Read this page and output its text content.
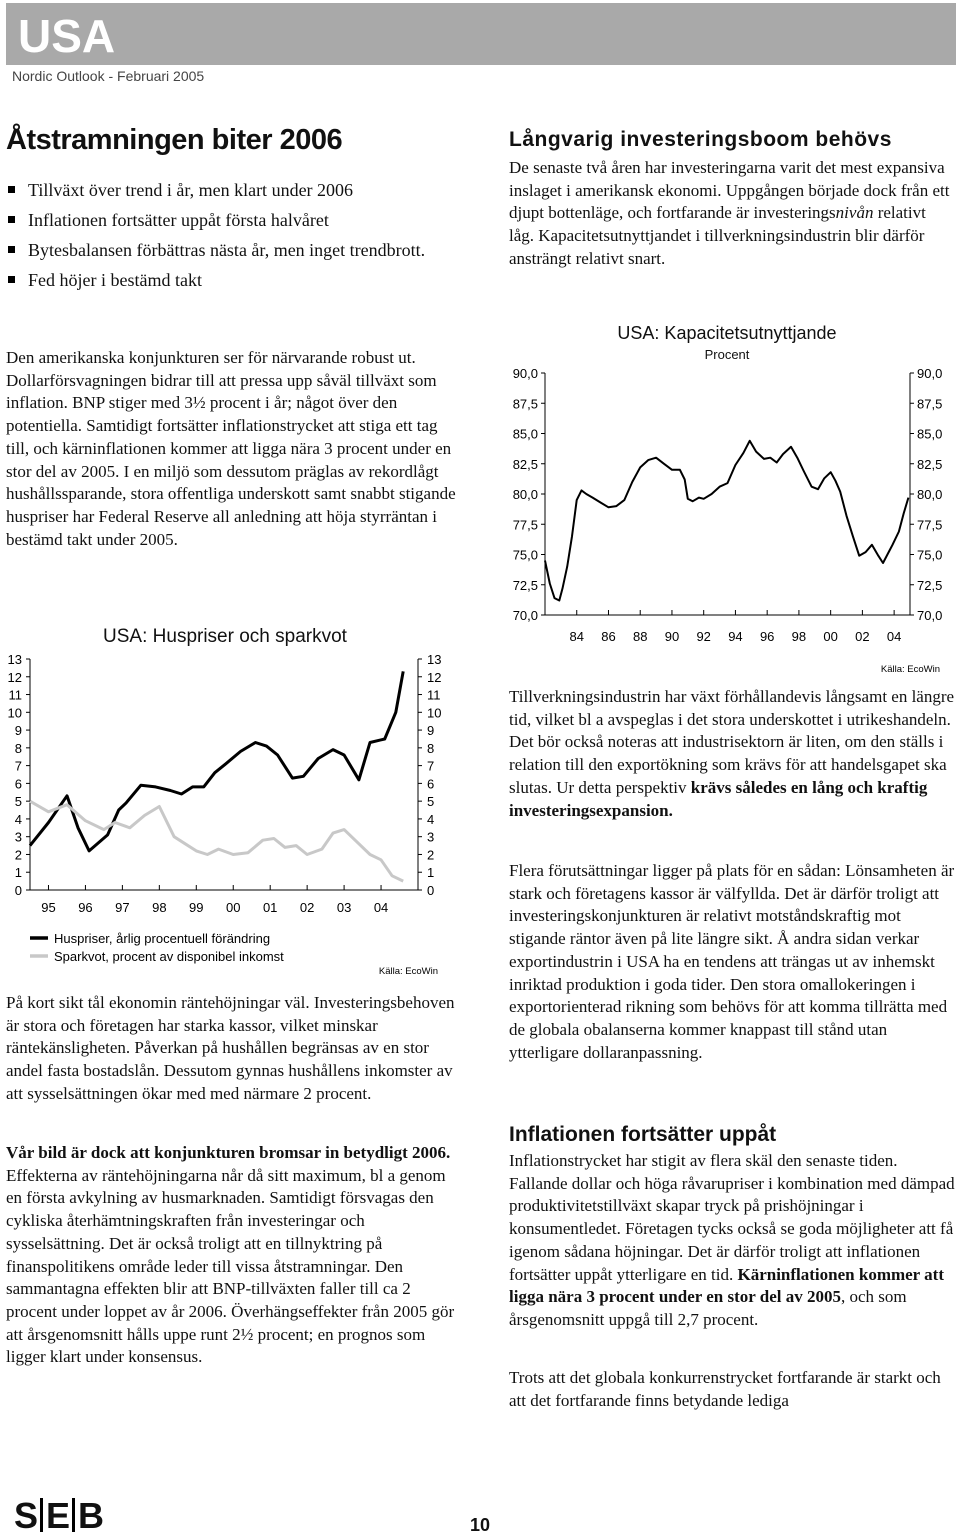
USA
Nordic Outlook - Februari 2005
Åtstramningen biter 2006
Tillväxt över trend i år, men klart under 2006
Inflationen fortsätter uppåt första halvåret
Bytesbalansen förbättras nästa år, men inget trendbrott.
Fed höjer i bestämd takt

Den amerikanska konjunkturen ser för närvarande robust ut. Dollarförsvagningen bidrar till att pressa upp såväl tillväxt som inflation. BNP stiger med 3½ procent i år; något över den potentiella. Samtidigt fortsätter inflationstrycket att stiga ett tag till, och kärninflationen kommer att ligga nära 3 procent under en stor del av 2005. I en miljö som dessutom präglas av rekordlågt hushållssparande, stora offentliga underskott samt snabbt stigande huspriser har Federal Reserve all anledning att höja styrräntan i bestämd takt under 2005.

USA: Huspriser och sparkvot
13	13
12	12
11	11
10	10
9	9
8	8
7	7
6	6
5	5
4	4
3	3
2	2
1	1
0	0
95 96 97 98 99 00 01 02 03 04
Huspriser, årlig procentuell förändring
Sparkvot, procent av disponibel inkomst
Källa: EcoWin

På kort sikt tål ekonomin räntehöjningar väl. Investeringsbehoven är stora och företagen har starka kassor, vilket minskar räntekänsligheten. Påverkan på hushållen begränsas av en stor andel fasta bostadslån. Dessutom gynnas hushållens inkomster av att sysselsättningen ökar med med närmare 2 procent.

Vår bild är dock att konjunkturen bromsar in betydligt 2006. Effekterna av räntehöjningarna når då sitt maximum, bl a genom en första avkylning av husmarknaden. Samtidigt försvagas den cykliska återhämtningskraften från investeringar och sysselsättning. Det är också troligt att en tillnyktring på finanspolitikens område leder till vissa åtstramningar. Den sammantagna effekten blir att BNP-tillväxten faller till ca 2 procent under loppet av år 2006. Överhängseffekter från 2005 gör att årsgenomsnitt hålls uppe runt 2½ procent; en prognos som ligger klart under konsensus.

Långvarig investeringsboom behövs

De senaste två åren har investeringarna varit det mest expansiva inslaget i amerikansk ekonomi. Uppgången började dock från ett djupt bottenläge, och fortfarande är investeringsnivån relativt låg. Kapacitetsutnyttjandet i tillverkningsindustrin blir därför ansträngt relativt snart.

USA: Kapacitetsutnyttjande
Procent
90,0	90,0
87,5	87,5
85,0	85,0
82,5	82,5
80,0	80,0
77,5	77,5
75,0	75,0
72,5	72,5
70,0	70,0
84 86 88 90 92 94 96 98 00 02 04
Källa: EcoWin

Tillverkningsindustrin har växt förhållandevis långsamt en längre tid, vilket bl a avspeglas i det stora underskottet i utrikeshandeln. Det bör också noteras att industrisektorn är liten, om den ställs i relation till den exportökning som krävs för att handelsgapet ska slutas. Ur detta perspektiv krävs således en lång och kraftig investeringsexpansion.

Flera förutsättningar ligger på plats för en sådan: Lönsamheten är stark och företagens kassor är välfyllda. Det är därför troligt att investeringskonjunkturen är relativt motståndskraftig mot stigande räntor även på lite längre sikt. Å andra sidan verkar exportindustrin i USA ha en tendens att trängas ut av inhemskt inriktad produktion i goda tider. Den stora omallokeringen i exportorienterad rikning som behövs för att komma tillrätta med de globala obalanserna kommer knappast till stånd utan ytterligare dollaranpassning.

Inflationen fortsätter uppåt

Inflationstrycket har stigit av flera skäl den senaste tiden. Fallande dollar och höga råvarupriser i kombination med dämpad produktivitetstillväxt skapar tryck på prishöjningar i konsumentledet. Företagen tycks också se goda möjligheter att få igenom sådana höjningar. Det är därför troligt att inflationen fortsätter uppåt ytterligare en tid. Kärninflationen kommer att ligga nära 3 procent under en stor del av 2005, och som årsgenomsnitt uppgå till 2,7 procent.

Trots att det globala konkurrenstrycket fortfarande är starkt och att det fortfarande finns betydande lediga

S E B	10
